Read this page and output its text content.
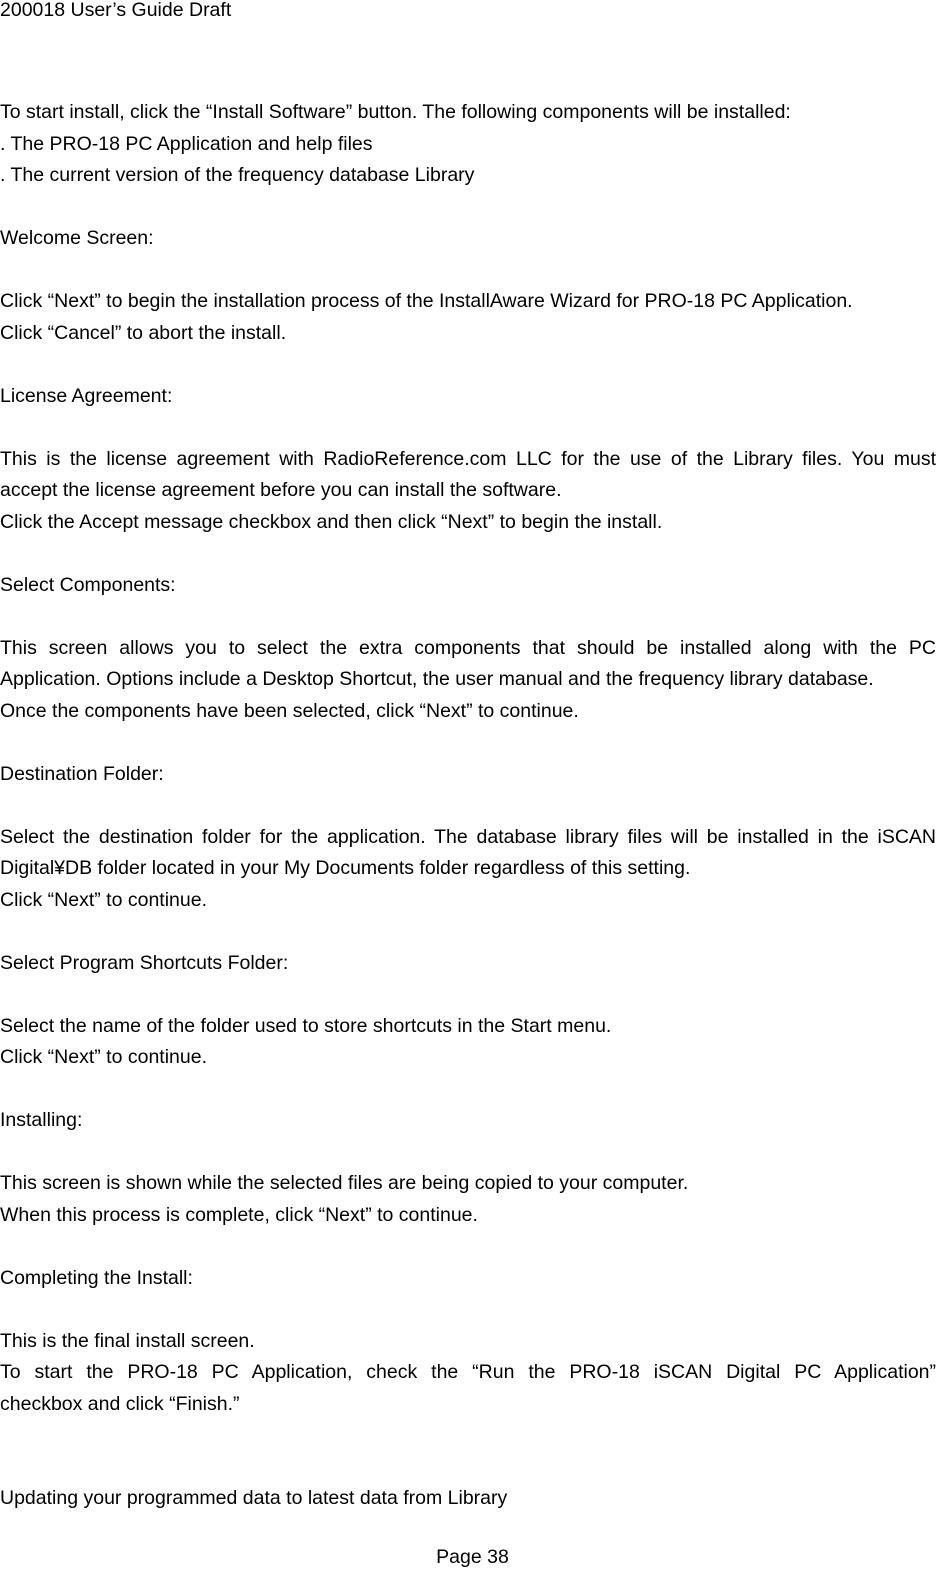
200018 User’s Guide Draft
To start install, click the “Install Software” button. The following components will be installed:
. The PRO-18 PC Application and help files
. The current version of the frequency database Library
Welcome Screen:
Click “Next” to begin the installation process of the InstallAware Wizard for PRO-18 PC Application.
Click “Cancel” to abort the install.
License Agreement:
This is the license agreement with RadioReference.com LLC for the use of the Library files. You must
accept the license agreement before you can install the software.
Click the Accept message checkbox and then click “Next” to begin the install.
Select Components:
This screen allows you to select the extra components that should be installed along with the PC
Application. Options include a Desktop Shortcut, the user manual and the frequency library database.
Once the components have been selected, click “Next” to continue.
Destination Folder:
Select the destination folder for the application. The database library files will be installed in the iSCAN
Digital¥DB folder located in your My Documents folder regardless of this setting.
Click “Next” to continue.
Select Program Shortcuts Folder:
Select the name of the folder used to store shortcuts in the Start menu.
Click “Next” to continue.
Installing:
This screen is shown while the selected files are being copied to your computer.
When this process is complete, click “Next” to continue.
Completing the Install:
This is the final install screen.
To start the PRO-18 PC Application, check the “Run the PRO-18 iSCAN Digital PC Application”
checkbox and click “Finish.”
Updating your programmed data to latest data from Library
Page 38
